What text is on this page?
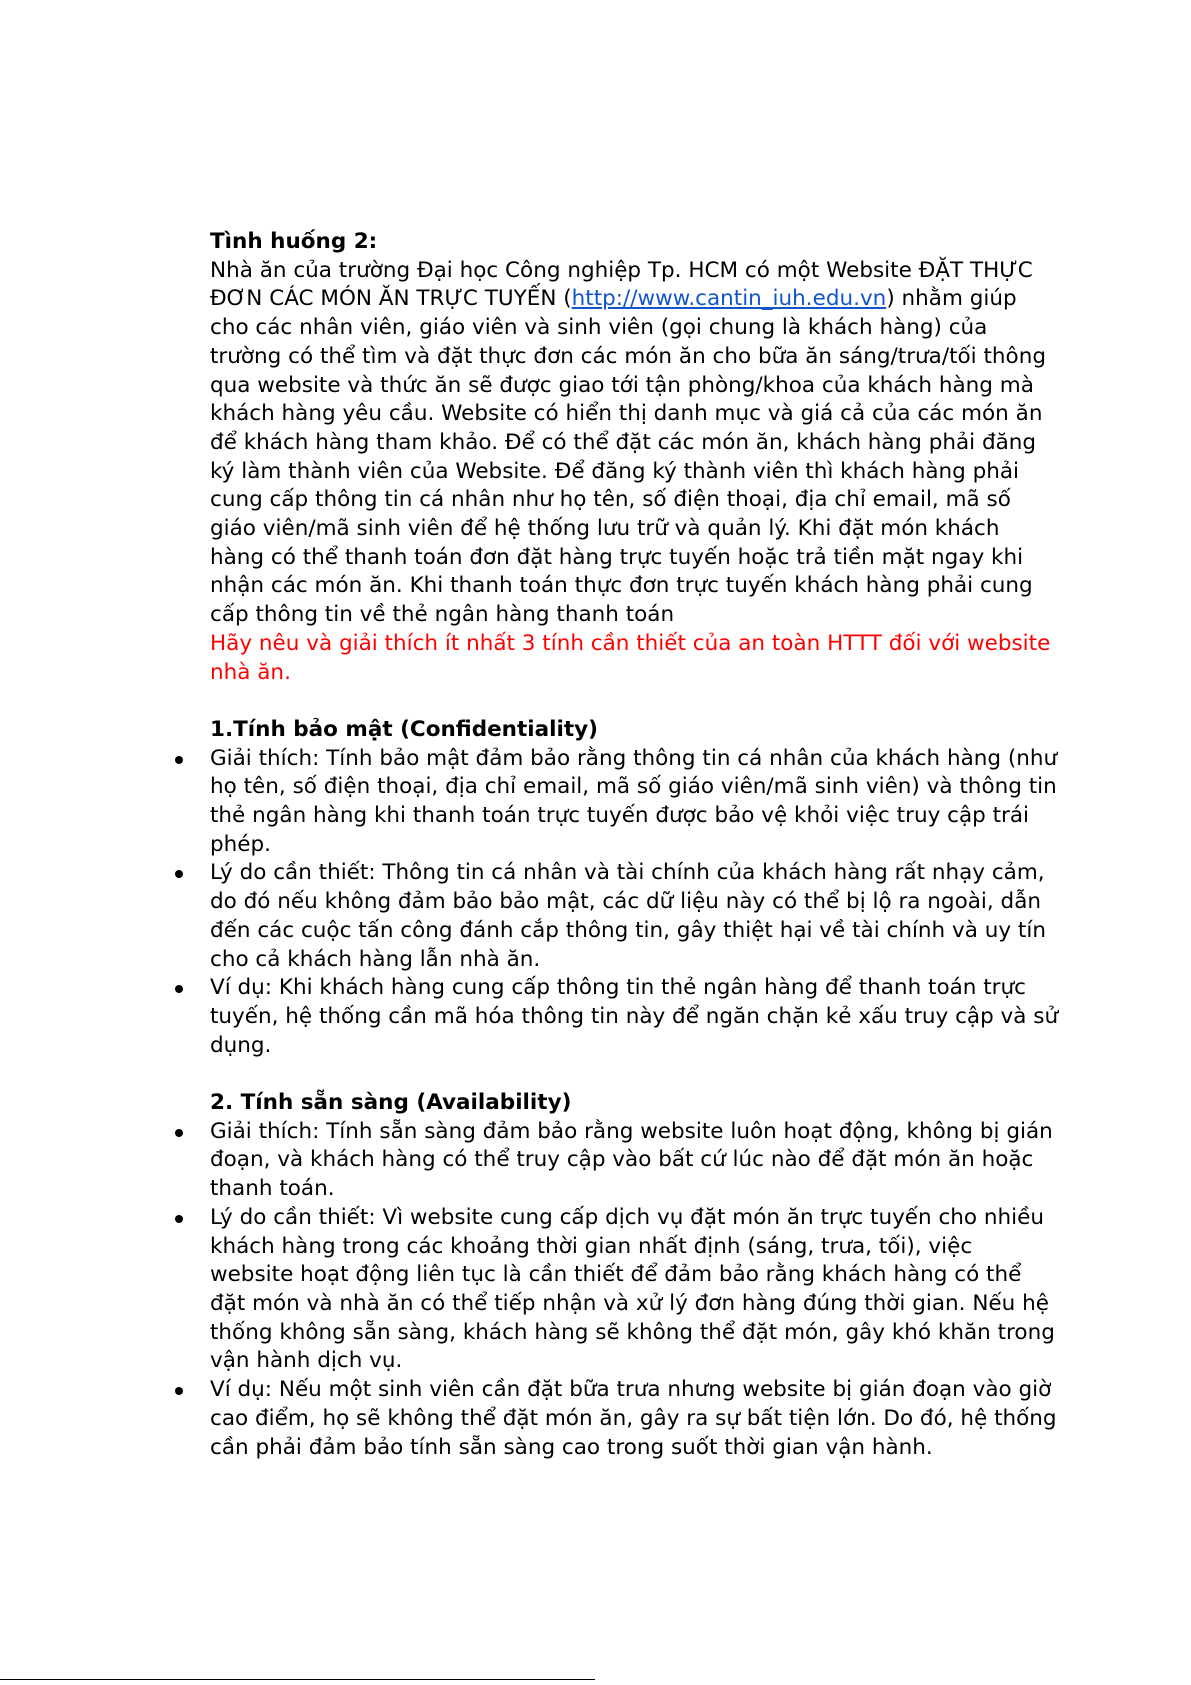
Tình huống 2:

Nhà ăn của trường Đại học Công nghiệp Tp. HCM có một Website ĐẶT THỰC ĐƠN CÁC MÓN ĂN TRỰC TUYẾN (http://www.cantin_iuh.edu.vn) nhằm giúp cho các nhân viên, giáo viên và sinh viên (gọi chung là khách hàng) của trường có thể tìm và đặt thực đơn các món ăn cho bữa ăn sáng/trưa/tối thông qua website và thức ăn sẽ được giao tới tận phòng/khoa của khách hàng mà khách hàng yêu cầu. Website có hiển thị danh mục và giá cả của các món ăn để khách hàng tham khảo. Để có thể đặt các món ăn, khách hàng phải đăng ký làm thành viên của Website. Để đăng ký thành viên thì khách hàng phải cung cấp thông tin cá nhân như họ tên, số điện thoại, địa chỉ email, mã số giáo viên/mã sinh viên để hệ thống lưu trữ và quản lý. Khi đặt món khách hàng có thể thanh toán đơn đặt hàng trực tuyến hoặc trả tiền mặt ngay khi nhận các món ăn. Khi thanh toán thực đơn trực tuyến khách hàng phải cung cấp thông tin về thẻ ngân hàng thanh toán

Hãy nêu và giải thích ít nhất 3 tính cần thiết của an toàn HTTT đối với website nhà ăn.

1.Tính bảo mật (Confidentiality)

Giải thích: Tính bảo mật đảm bảo rằng thông tin cá nhân của khách hàng (như họ tên, số điện thoại, địa chỉ email, mã số giáo viên/mã sinh viên) và thông tin thẻ ngân hàng khi thanh toán trực tuyến được bảo vệ khỏi việc truy cập trái phép.
Lý do cần thiết: Thông tin cá nhân và tài chính của khách hàng rất nhạy cảm, do đó nếu không đảm bảo bảo mật, các dữ liệu này có thể bị lộ ra ngoài, dẫn đến các cuộc tấn công đánh cắp thông tin, gây thiệt hại về tài chính và uy tín cho cả khách hàng lẫn nhà ăn.
Ví dụ: Khi khách hàng cung cấp thông tin thẻ ngân hàng để thanh toán trực tuyến, hệ thống cần mã hóa thông tin này để ngăn chặn kẻ xấu truy cập và sử dụng.

2. Tính sẵn sàng (Availability)

Giải thích: Tính sẵn sàng đảm bảo rằng website luôn hoạt động, không bị gián đoạn, và khách hàng có thể truy cập vào bất cứ lúc nào để đặt món ăn hoặc thanh toán.
Lý do cần thiết: Vì website cung cấp dịch vụ đặt món ăn trực tuyến cho nhiều khách hàng trong các khoảng thời gian nhất định (sáng, trưa, tối), việc website hoạt động liên tục là cần thiết để đảm bảo rằng khách hàng có thể đặt món và nhà ăn có thể tiếp nhận và xử lý đơn hàng đúng thời gian. Nếu hệ thống không sẵn sàng, khách hàng sẽ không thể đặt món, gây khó khăn trong vận hành dịch vụ.
Ví dụ: Nếu một sinh viên cần đặt bữa trưa nhưng website bị gián đoạn vào giờ cao điểm, họ sẽ không thể đặt món ăn, gây ra sự bất tiện lớn. Do đó, hệ thống cần phải đảm bảo tính sẵn sàng cao trong suốt thời gian vận hành.
